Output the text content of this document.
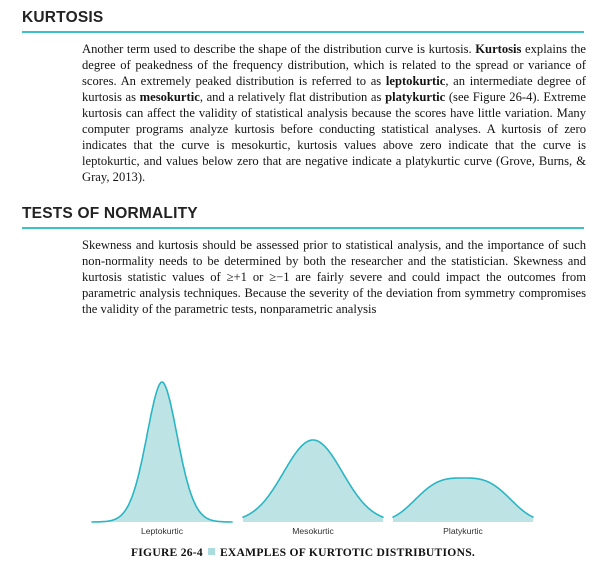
KURTOSIS

Another term used to describe the shape of the distribution curve is kurtosis. Kurtosis explains the degree of peakedness of the frequency distribution, which is related to the spread or variance of scores. An extremely peaked distribution is referred to as leptokurtic, an intermediate degree of kurtosis as mesokurtic, and a relatively flat distribution as platykurtic (see Figure 26-4). Extreme kurtosis can affect the validity of statistical analysis because the scores have little variation. Many computer programs analyze kurtosis before conducting statistical analyses. A kurtosis of zero indicates that the curve is mesokurtic, kurtosis values above zero indicate that the curve is leptokurtic, and values below zero that are negative indicate a platykurtic curve (Grove, Burns, & Gray, 2013).

TESTS OF NORMALITY

Skewness and kurtosis should be assessed prior to statistical analysis, and the importance of such non-normality needs to be determined by both the researcher and the statistician. Skewness and kurtosis statistic values of ≥+1 or ≥−1 are fairly severe and could impact the outcomes from parametric analysis techniques. Because the severity of the deviation from symmetry compromises the validity of the parametric tests, nonparametric analysis

Leptokurtic	Mesokurtic	Platykurtic
FIGURE 26-4 EXAMPLES OF KURTOTIC DISTRIBUTIONS.
